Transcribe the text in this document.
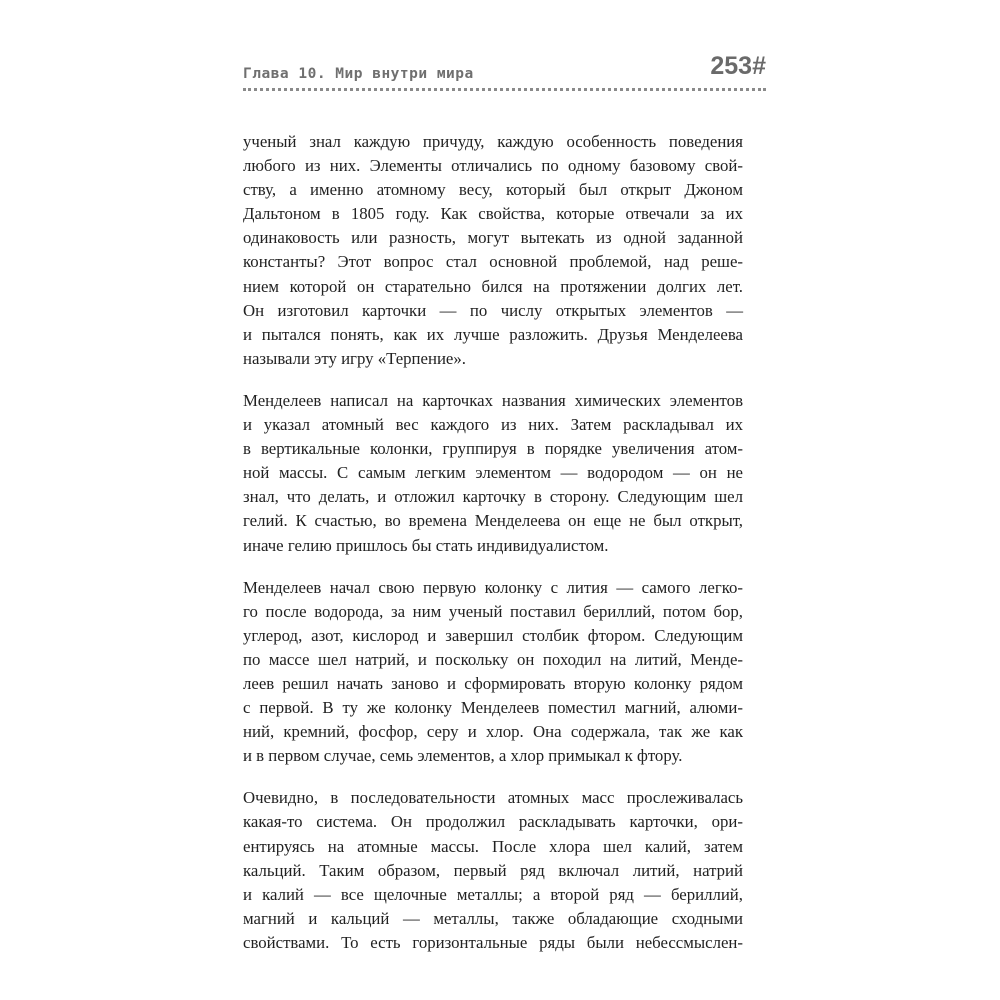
Глава 10. Мир внутри мира	253#

ученый знал каждую причуду, каждую особенность поведения
любого из них. Элементы отличались по одному базовому свой-
ству, а именно атомному весу, который был открыт Джоном
Дальтоном в 1805 году. Как свойства, которые отвечали за их
одинаковость или разность, могут вытекать из одной заданной
константы? Этот вопрос стал основной проблемой, над реше-
нием которой он старательно бился на протяжении долгих лет.
Он изготовил карточки — по числу открытых элементов —
и пытался понять, как их лучше разложить. Друзья Менделеева
называли эту игру «Терпение».

Менделеев написал на карточках названия химических элементов
и указал атомный вес каждого из них. Затем раскладывал их
в вертикальные колонки, группируя в порядке увеличения атом-
ной массы. С самым легким элементом — водородом — он не
знал, что делать, и отложил карточку в сторону. Следующим шел
гелий. К счастью, во времена Менделеева он еще не был открыт,
иначе гелию пришлось бы стать индивидуалистом.

Менделеев начал свою первую колонку с лития — самого легко-
го после водорода, за ним ученый поставил бериллий, потом бор,
углерод, азот, кислород и завершил столбик фтором. Следующим
по массе шел натрий, и поскольку он походил на литий, Менде-
леев решил начать заново и сформировать вторую колонку рядом
с первой. В ту же колонку Менделеев поместил магний, алюми-
ний, кремний, фосфор, серу и хлор. Она содержала, так же как
и в первом случае, семь элементов, а хлор примыкал к фтору.

Очевидно, в последовательности атомных масс прослеживалась
какая-то система. Он продолжил раскладывать карточки, ори-
ентируясь на атомные массы. После хлора шел калий, затем
кальций. Таким образом, первый ряд включал литий, натрий
и калий — все щелочные металлы; а второй ряд — бериллий,
магний и кальций — металлы, также обладающие сходными
свойствами. То есть горизонтальные ряды были небессмыслен-
